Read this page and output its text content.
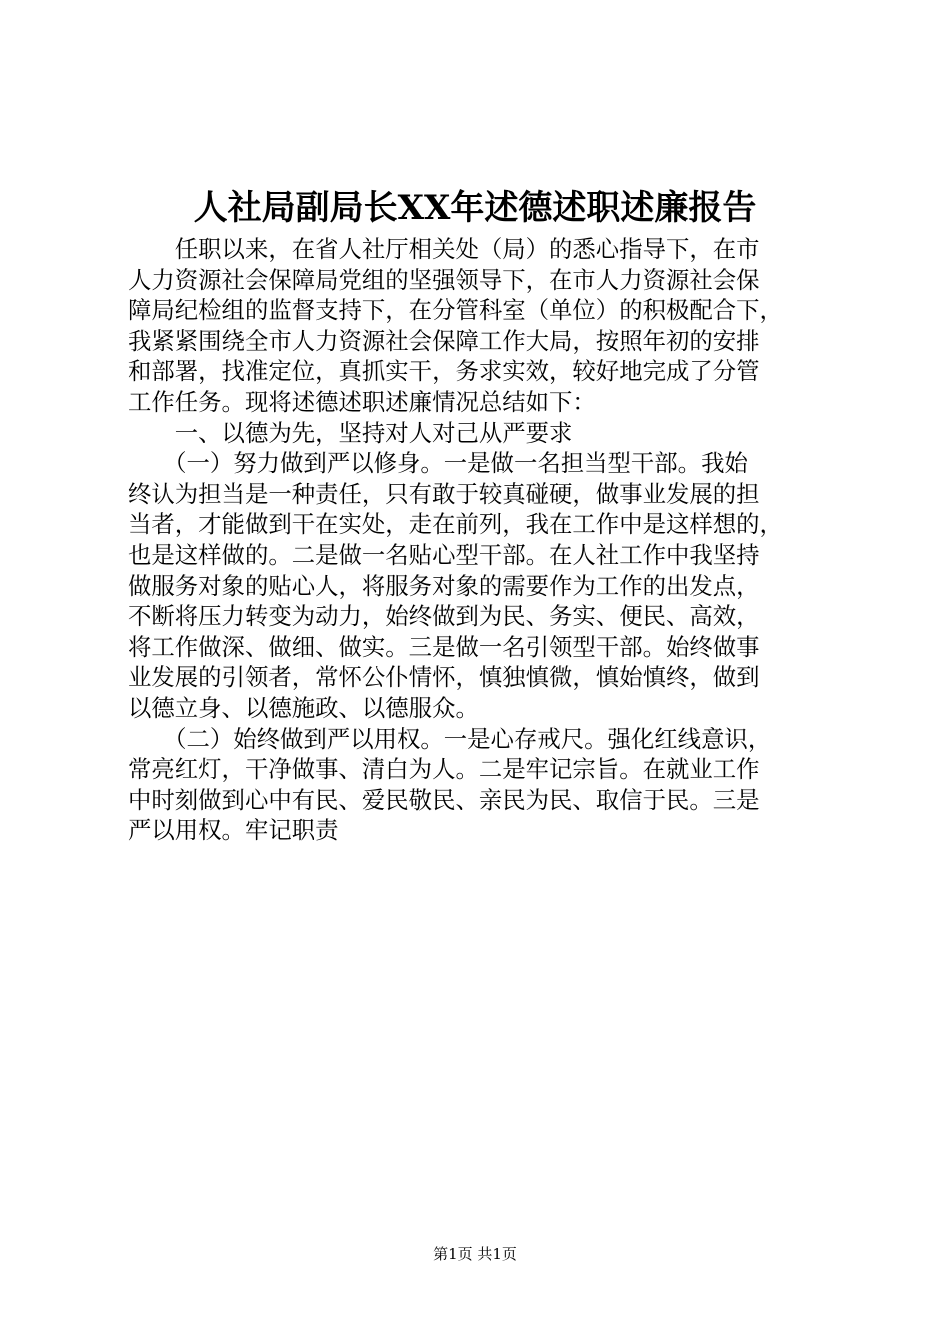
人社局副局长XX年述德述职述廉报告
　　任职以来，在省人社厅相关处（局）的悉心指导下，在市
人力资源社会保障局党组的坚强领导下，在市人力资源社会保
障局纪检组的监督支持下，在分管科室（单位）的积极配合下，
我紧紧围绕全市人力资源社会保障工作大局，按照年初的安排
和部署，找准定位，真抓实干，务求实效，较好地完成了分管
工作任务。现将述德述职述廉情况总结如下：
　　一、以德为先，坚持对人对己从严要求
　　（一）努力做到严以修身。一是做一名担当型干部。我始
终认为担当是一种责任，只有敢于较真碰硬，做事业发展的担
当者，才能做到干在实处，走在前列，我在工作中是这样想的，
也是这样做的。二是做一名贴心型干部。在人社工作中我坚持
做服务对象的贴心人，将服务对象的需要作为工作的出发点，
不断将压力转变为动力，始终做到为民、务实、便民、高效，
将工作做深、做细、做实。三是做一名引领型干部。始终做事
业发展的引领者，常怀公仆情怀，慎独慎微，慎始慎终，做到
以德立身、以德施政、以德服众。
　　（二）始终做到严以用权。一是心存戒尺。强化红线意识，
常亮红灯，干净做事、清白为人。二是牢记宗旨。在就业工作
中时刻做到心中有民、爱民敬民、亲民为民、取信于民。三是
严以用权。牢记职责
第1页 共1页
